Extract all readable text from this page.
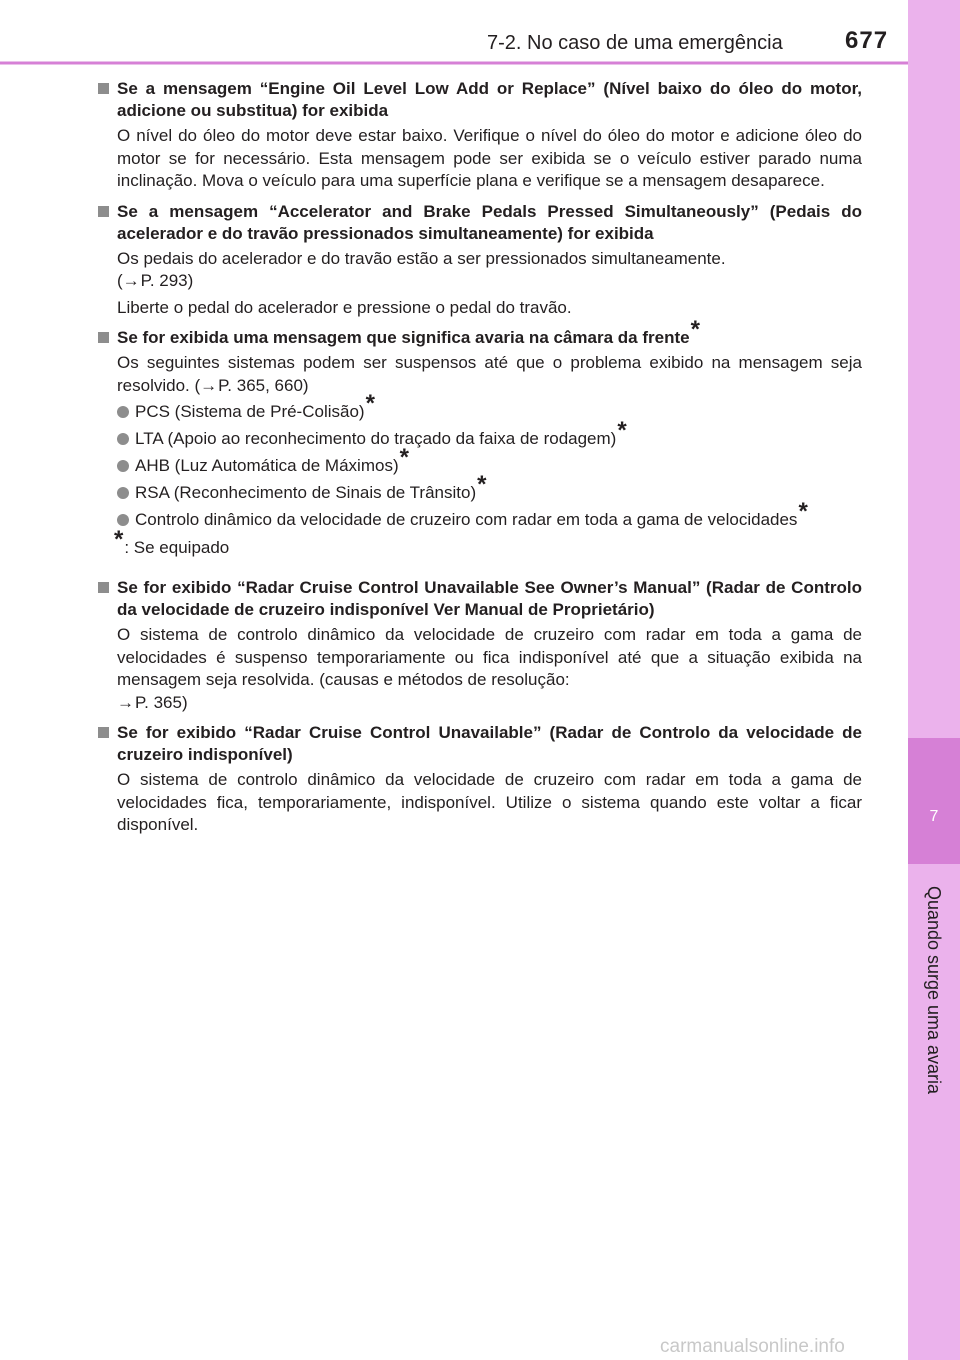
7-2. No caso de uma emergência	677
7
Quando surge uma avaria
Se a mensagem “Engine Oil Level Low Add or Replace” (Nível baixo do óleo do motor, adicione ou substitua) for exibida
O nível do óleo do motor deve estar baixo. Verifique o nível do óleo do motor e adicione óleo do motor se for necessário. Esta mensagem pode ser exibida se o veículo estiver parado numa inclinação. Mova o veículo para uma superfície plana e verifique se a mensagem desaparece.
Se a mensagem “Accelerator and Brake Pedals Pressed Simultaneously” (Pedais do acelerador e do travão pressionados simultaneamente) for exibida
Os pedais do acelerador e do travão estão a ser pressionados simultaneamente.
(→P. 293)
Liberte o pedal do acelerador e pressione o pedal do travão.
Se for exibida uma mensagem que significa avaria na câmara da frente*
Os seguintes sistemas podem ser suspensos até que o problema exibido na mensagem seja resolvido. (→P. 365, 660)
PCS (Sistema de Pré-Colisão)*
LTA (Apoio ao reconhecimento do traçado da faixa de rodagem)*
AHB (Luz Automática de Máximos)*
RSA (Reconhecimento de Sinais de Trânsito)*
Controlo dinâmico da velocidade de cruzeiro com radar em toda a gama de velocidades*
*: Se equipado
Se for exibido “Radar Cruise Control Unavailable See Owner’s Manual” (Radar de Controlo da velocidade de cruzeiro indisponível Ver Manual de Proprietário)
O sistema de controlo dinâmico da velocidade de cruzeiro com radar em toda a gama de velocidades é suspenso temporariamente ou fica indisponível até que a situação exibida na mensagem seja resolvida. (causas e métodos de resolução:
→P. 365)
Se for exibido “Radar Cruise Control Unavailable” (Radar de Controlo da velocidade de cruzeiro indisponível)
O sistema de controlo dinâmico da velocidade de cruzeiro com radar em toda a gama de velocidades fica, temporariamente, indisponível. Utilize o sistema quando este voltar a ficar disponível.
carmanualsonline.info
